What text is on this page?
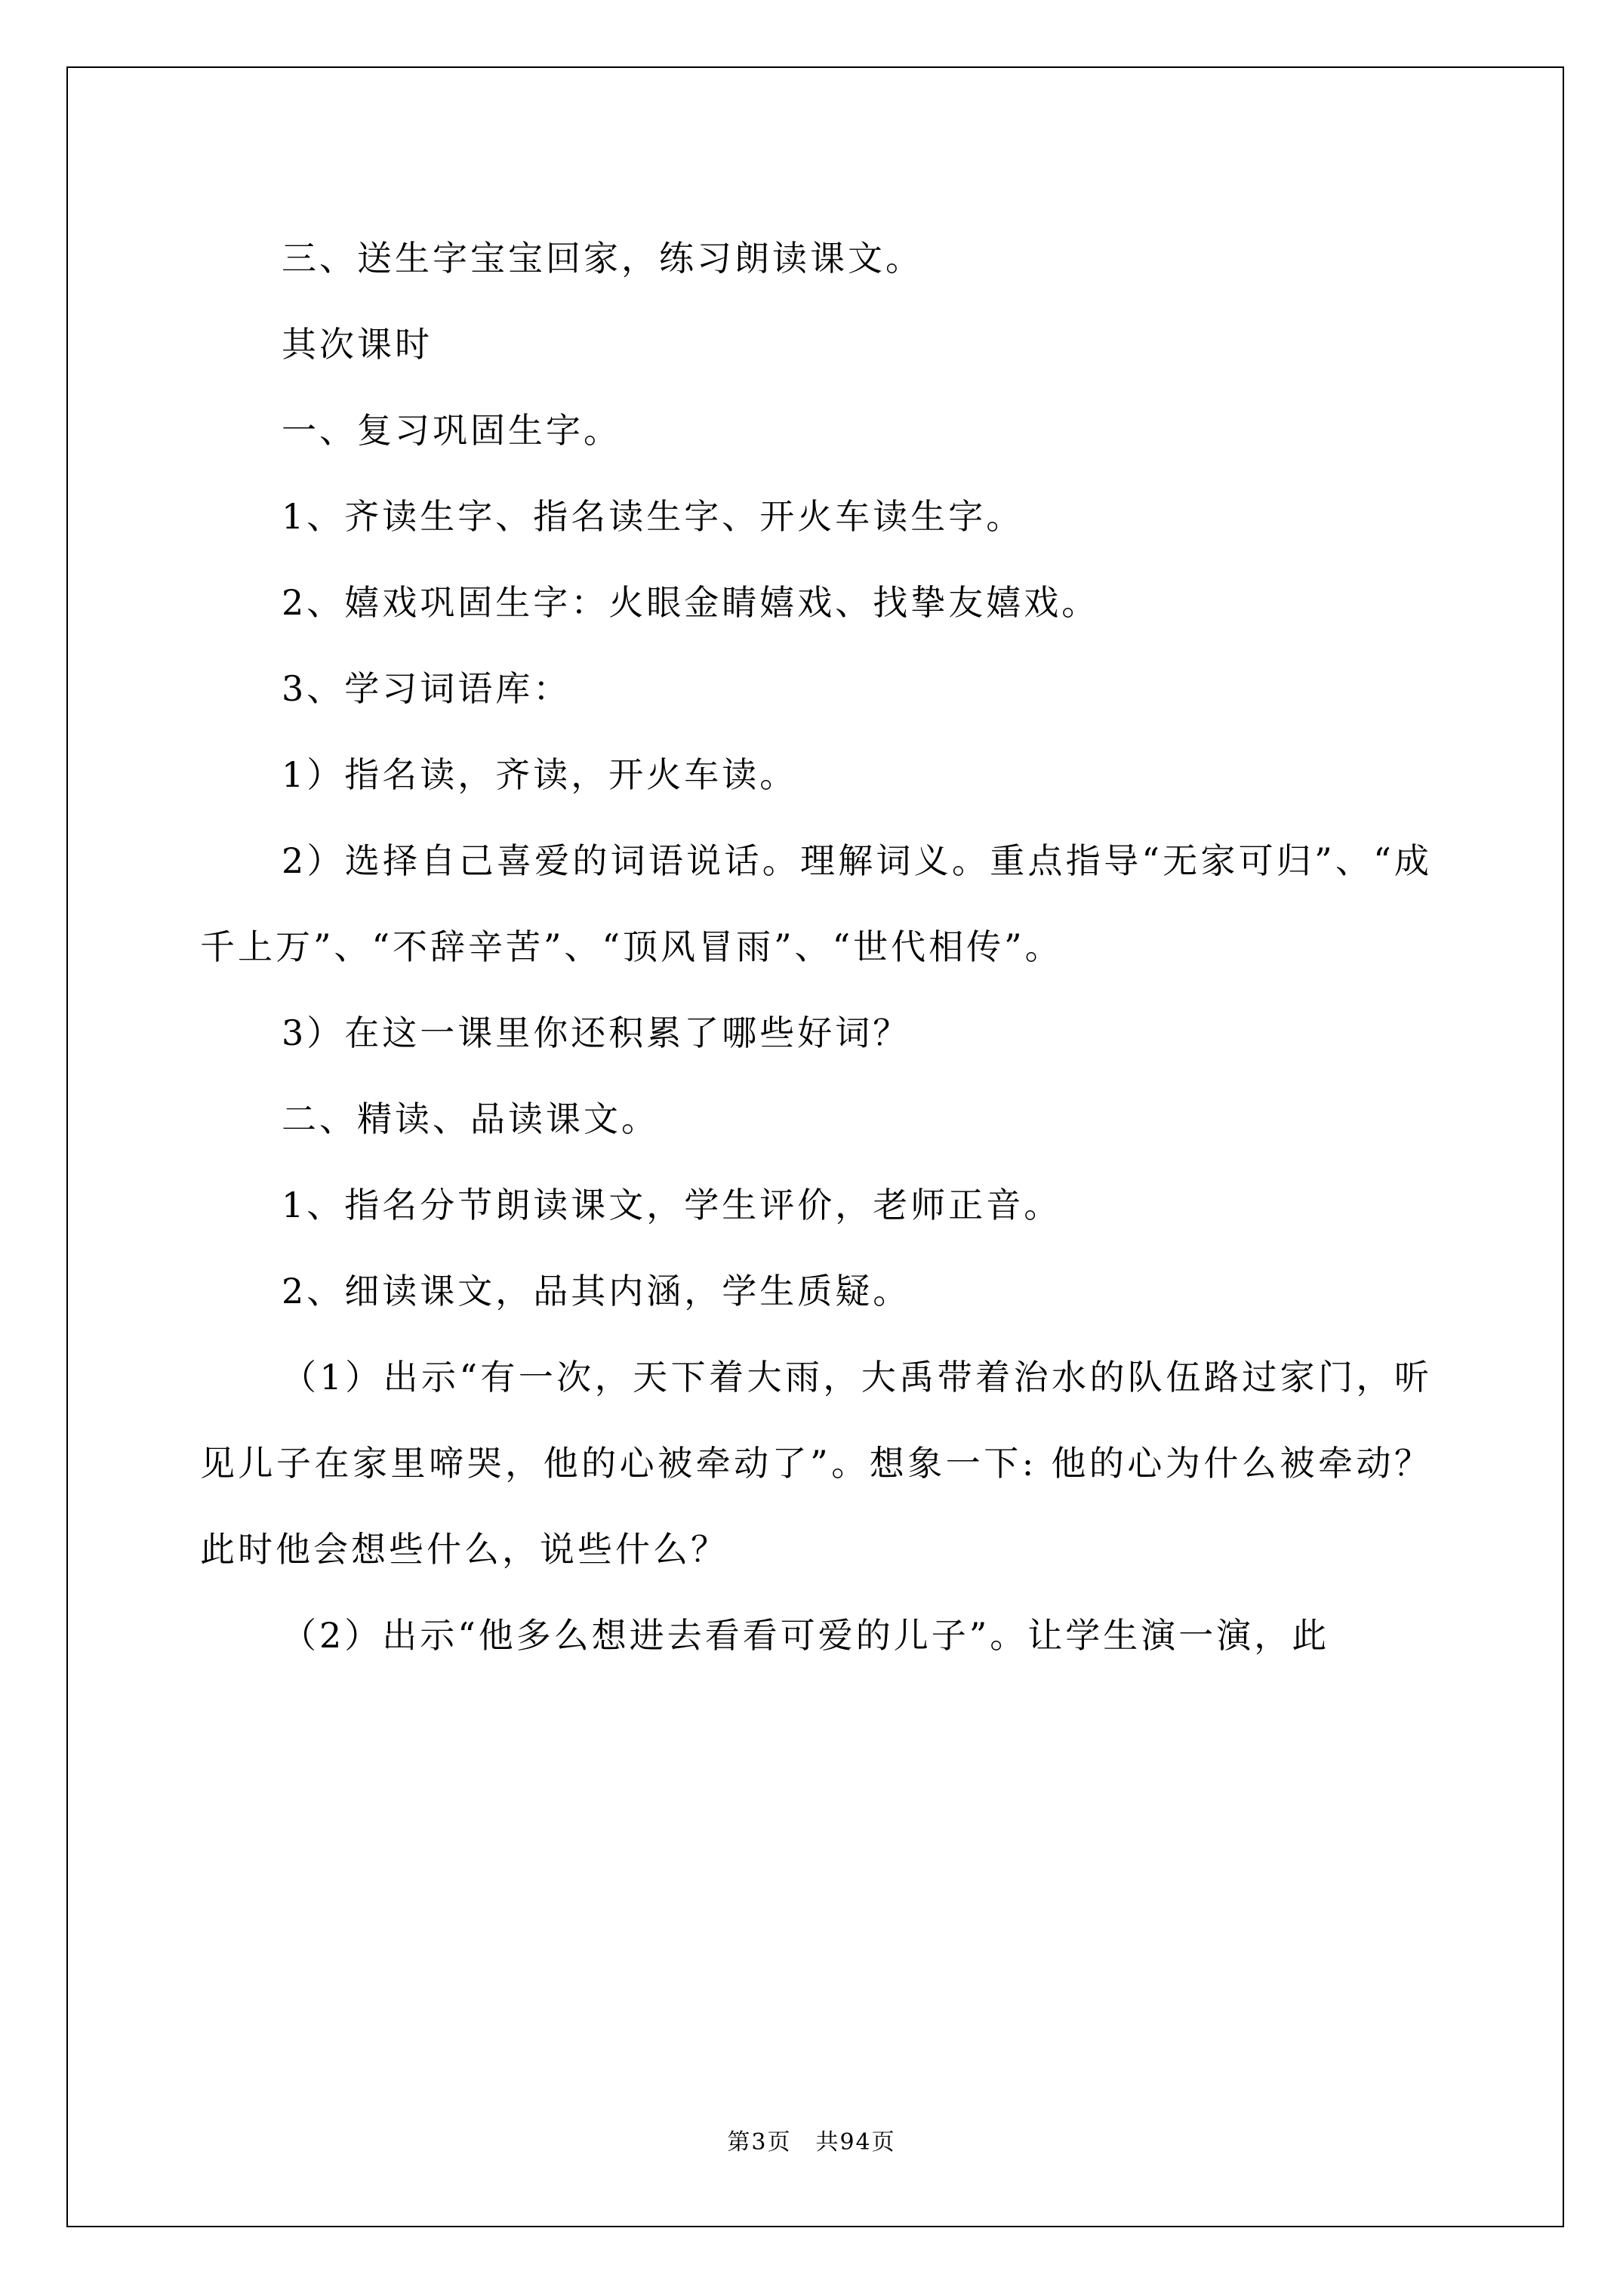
三、送生字宝宝回家，练习朗读课文。

其次课时

一、复习巩固生字。

1、齐读生字、指名读生字、开火车读生字。

2、嬉戏巩固生字：火眼金睛嬉戏、找挚友嬉戏。

3、学习词语库：

1）指名读，齐读，开火车读。

2）选择自己喜爱的词语说话。理解词义。重点指导“无家可归”、“成千上万”、“不辞辛苦”、“顶风冒雨”、“世代相传”。

3）在这一课里你还积累了哪些好词？

二、精读、品读课文。

1、指名分节朗读课文，学生评价，老师正音。

2、细读课文，品其内涵，学生质疑。

（1）出示“有一次，天下着大雨，大禹带着治水的队伍路过家门，听见儿子在家里啼哭，他的心被牵动了”。想象一下: 他的心为什么被牵动？此时他会想些什么，说些什么？

（2）出示“他多么想进去看看可爱的儿子”。让学生演一演，此

第3页　共94页
